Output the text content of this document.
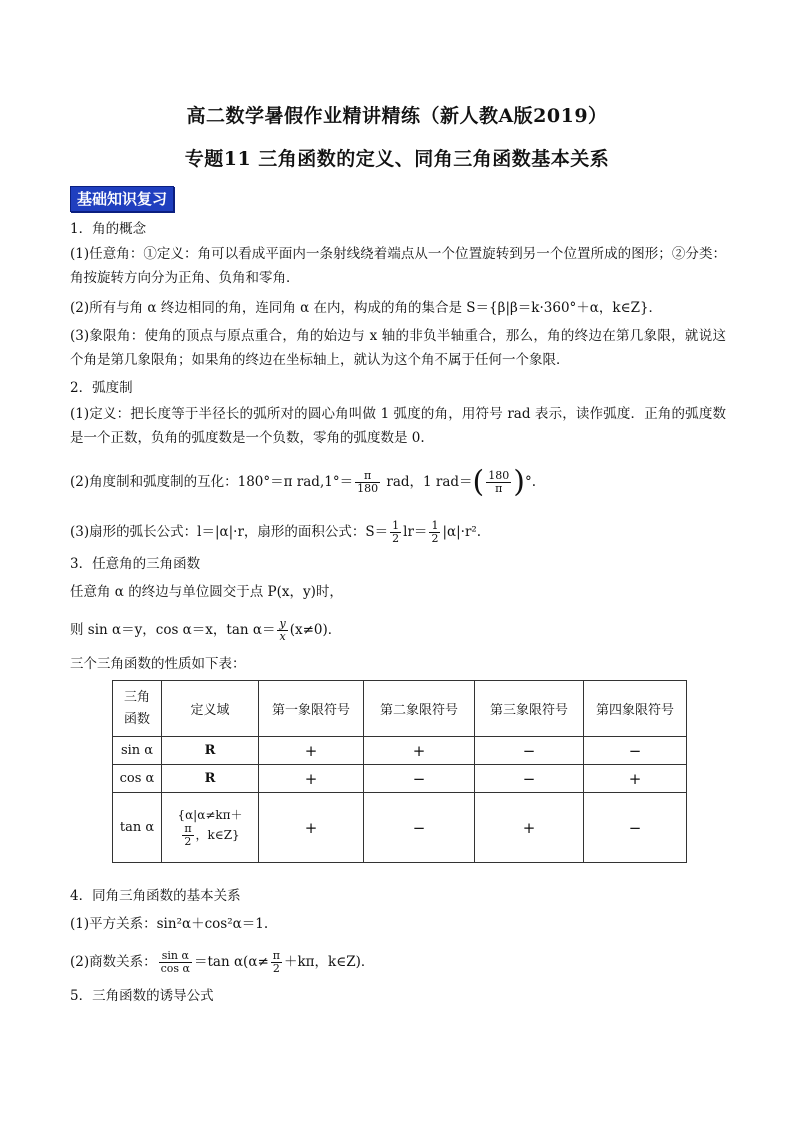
高二数学暑假作业精讲精练（新人教A版2019）
专题11 三角函数的定义、同角三角函数基本关系
基础知识复习
1．角的概念
(1)任意角：①定义：角可以看成平面内一条射线绕着端点从一个位置旋转到另一个位置所成的图形；②分类：角按旋转方向分为正角、负角和零角．
(2)所有与角 α 终边相同的角，连同角 α 在内，构成的角的集合是 S＝{β|β＝k·360°＋α，k∈Z}．
(3)象限角：使角的顶点与原点重合，角的始边与 x 轴的非负半轴重合，那么，角的终边在第几象限，就说这个角是第几象限角；如果角的终边在坐标轴上，就认为这个角不属于任何一个象限．
2．弧度制
(1)定义：把长度等于半径长的弧所对的圆心角叫做 1 弧度的角，用符号 rad 表示，读作弧度．正角的弧度数是一个正数，负角的弧度数是一个负数，零角的弧度数是 0.
(2)角度制和弧度制的互化：180°＝π $rad,1^\circ= \frac{\pi}{180}$ rad，1 $rad=( \frac{180}{\pi}$ )°.
(3)扇形的弧长公式：l＝|α|·r，扇形的面积公式：$S= \frac{1}{2} lr= \frac{1}{2} |\alpha|\cdot r^2$.
3．任意角的三角函数
任意角 α 的终边与单位圆交于点 P(x，y)时，
则 sin α＝y，cos α＝x，$\tan \alpha= \frac{y}{x} (x\ne 0)$．
三个三角函数的性质如下表：
三角函数	定义域	第一象限符号	第二象限符号	第三象限符号	第四象限符号
sin α	R	+	+	−	−
cos α	R	+	−	−	+
tan α	{α|α≠kπ＋
$\frac{\pi}{2}$ ，k∈Z}	+	−	+	−
4．同角三角函数的基本关系
(1)平方关系：sin²α＋cos²α＝1.
(2)商数关系： $\frac{\text{sin α}}{\text{cos α}} =\tan$ $\alpha(\alpha\ne \frac{\pi}{2} +k\pi$，k∈Z)．
5．三角函数的诱导公式
